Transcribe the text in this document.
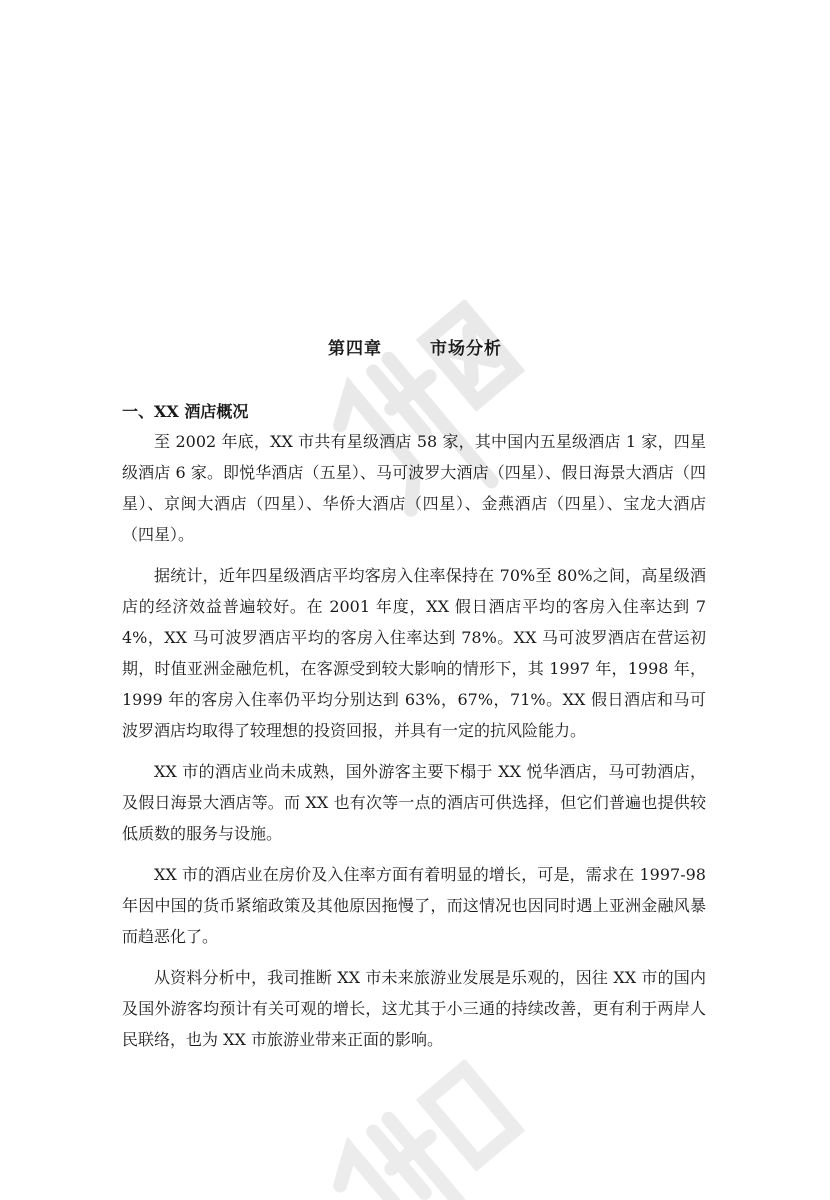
第四章	市场分析
一、XX 酒店概况

至 2002 年底，XX 市共有星级酒店 58 家，其中国内五星级酒店 1 家，四星级酒店 6 家。即悦华酒店（五星）、马可波罗大酒店（四星）、假日海景大酒店（四星）、京闽大酒店（四星）、华侨大酒店（四星）、金燕酒店（四星）、宝龙大酒店（四星）。

据统计，近年四星级酒店平均客房入住率保持在 70%至 80%之间，高星级酒店的经济效益普遍较好。在 2001 年度，XX 假日酒店平均的客房入住率达到 74%，XX 马可波罗酒店平均的客房入住率达到 78%。XX 马可波罗酒店在营运初期，时值亚洲金融危机，在客源受到较大影响的情形下，其 1997 年，1998 年，1999 年的客房入住率仍平均分别达到 63%，67%，71%。XX 假日酒店和马可波罗酒店均取得了较理想的投资回报，并具有一定的抗风险能力。

XX 市的酒店业尚未成熟，国外游客主要下榻于 XX 悦华酒店，马可勃酒店，及假日海景大酒店等。而 XX 也有次等一点的酒店可供选择，但它们普遍也提供较低质数的服务与设施。

XX 市的酒店业在房价及入住率方面有着明显的增长，可是，需求在 1997-98 年因中国的货币紧缩政策及其他原因拖慢了，而这情况也因同时遇上亚洲金融风暴而趋恶化了。

从资料分析中，我司推断 XX 市未来旅游业发展是乐观的，因往 XX 市的国内及国外游客均预计有关可观的增长，这尤其于小三通的持续改善，更有利于两岸人民联络，也为 XX 市旅游业带来正面的影响。
